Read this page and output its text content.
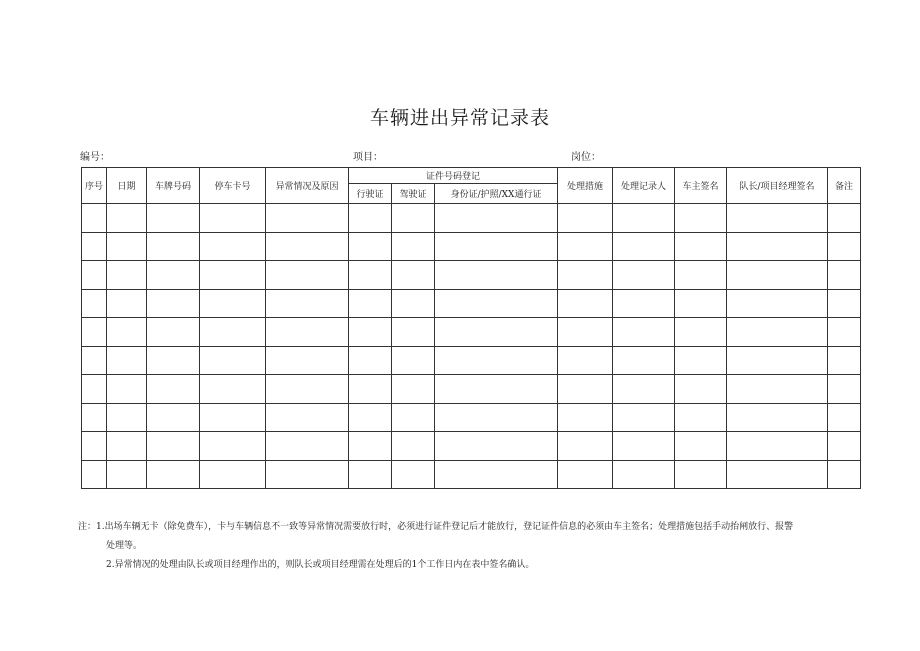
车辆进出异常记录表
编号：	项目：	岗位：
序号	日期	车牌号码	停车卡号	异常情况及原因	证件号码登记			处理措施	处理记录人	车主签名	队长/项目经理签名	备注
					行驶证	驾驶证	身份证/护照/XX通行证					

注： 1.出场车辆无卡（除免费车），卡与车辆信息不一致等异常情况需要放行时，必须进行证件登记后才能放行，登记证件信息的必须由车主签名；处理措施包括手动抬闸放行、报警
处理等。
2.异常情况的处理由队长或项目经理作出的，则队长或项目经理需在处理后的1个工作日内在表中签名确认。
